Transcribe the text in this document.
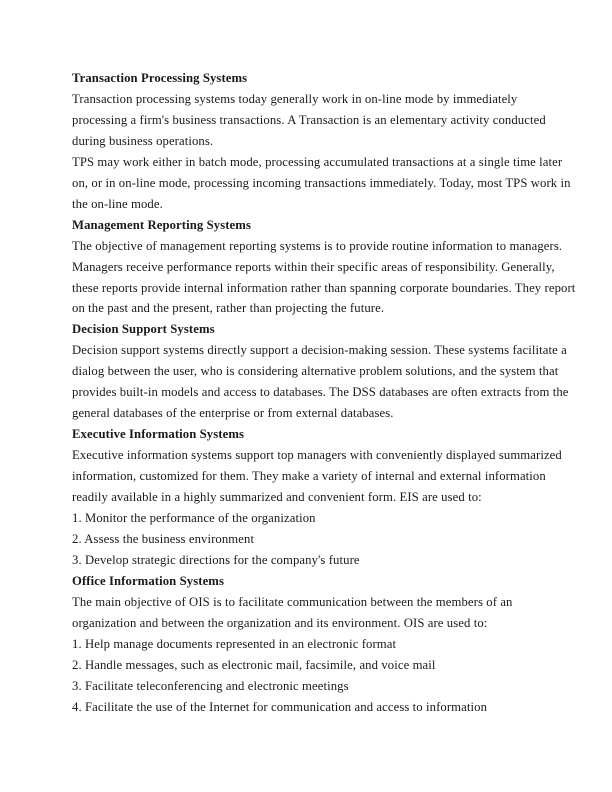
Transaction Processing Systems
Transaction processing systems today generally work in on-line mode by immediately
processing a firm's business transactions. A Transaction is an elementary activity conducted
during business operations.
TPS may work either in batch mode, processing accumulated transactions at a single time later
on, or in on-line mode, processing incoming transactions immediately. Today, most TPS work in
the on-line mode.
Management Reporting Systems
The objective of management reporting systems is to provide routine information to managers.
Managers receive performance reports within their specific areas of responsibility. Generally,
these reports provide internal information rather than spanning corporate boundaries. They report
on the past and the present, rather than projecting the future.
Decision Support Systems
Decision support systems directly support a decision-making session. These systems facilitate a
dialog between the user, who is considering alternative problem solutions, and the system that
provides built-in models and access to databases. The DSS databases are often extracts from the
general databases of the enterprise or from external databases.
Executive Information Systems
Executive information systems support top managers with conveniently displayed summarized
information, customized for them. They make a variety of internal and external information
readily available in a highly summarized and convenient form. EIS are used to:
1. Monitor the performance of the organization
2. Assess the business environment
3. Develop strategic directions for the company's future
Office Information Systems
The main objective of OIS is to facilitate communication between the members of an
organization and between the organization and its environment. OIS are used to:
1. Help manage documents represented in an electronic format
2. Handle messages, such as electronic mail, facsimile, and voice mail
3. Facilitate teleconferencing and electronic meetings
4. Facilitate the use of the Internet for communication and access to information
